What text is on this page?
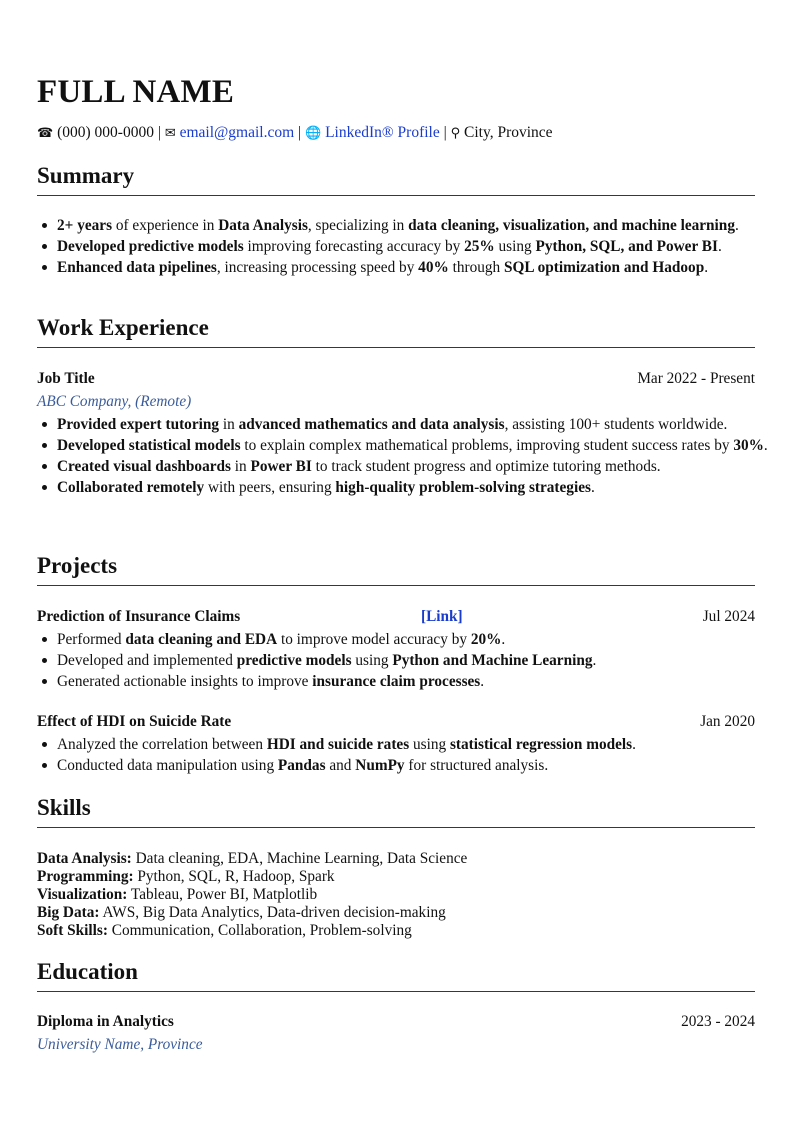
FULL NAME
☎ (000) 000-0000 | ✉ email@gmail.com | 🌐 LinkedIn® Profile | ⚲ City, Province
Summary
2+ years of experience in Data Analysis, specializing in data cleaning, visualization, and machine learning.
Developed predictive models improving forecasting accuracy by 25% using Python, SQL, and Power BI.
Enhanced data pipelines, increasing processing speed by 40% through SQL optimization and Hadoop.
Work Experience
Job Title	Mar 2022 - Present
ABC Company, (Remote)
Provided expert tutoring in advanced mathematics and data analysis, assisting 100+ students worldwide.
Developed statistical models to explain complex mathematical problems, improving student success rates by 30%.
Created visual dashboards in Power BI to track student progress and optimize tutoring methods.
Collaborated remotely with peers, ensuring high-quality problem-solving strategies.
Projects
Prediction of Insurance Claims	Jul 2024
[Link]
Performed data cleaning and EDA to improve model accuracy by 20%.
Developed and implemented predictive models using Python and Machine Learning.
Generated actionable insights to improve insurance claim processes.
Effect of HDI on Suicide Rate	Jan 2020
Analyzed the correlation between HDI and suicide rates using statistical regression models.
Conducted data manipulation using Pandas and NumPy for structured analysis.
Skills
Data Analysis: Data cleaning, EDA, Machine Learning, Data Science
Programming: Python, SQL, R, Hadoop, Spark
Visualization: Tableau, Power BI, Matplotlib
Big Data: AWS, Big Data Analytics, Data-driven decision-making
Soft Skills: Communication, Collaboration, Problem-solving
Education
Diploma in Analytics	2023 - 2024
University Name, Province
